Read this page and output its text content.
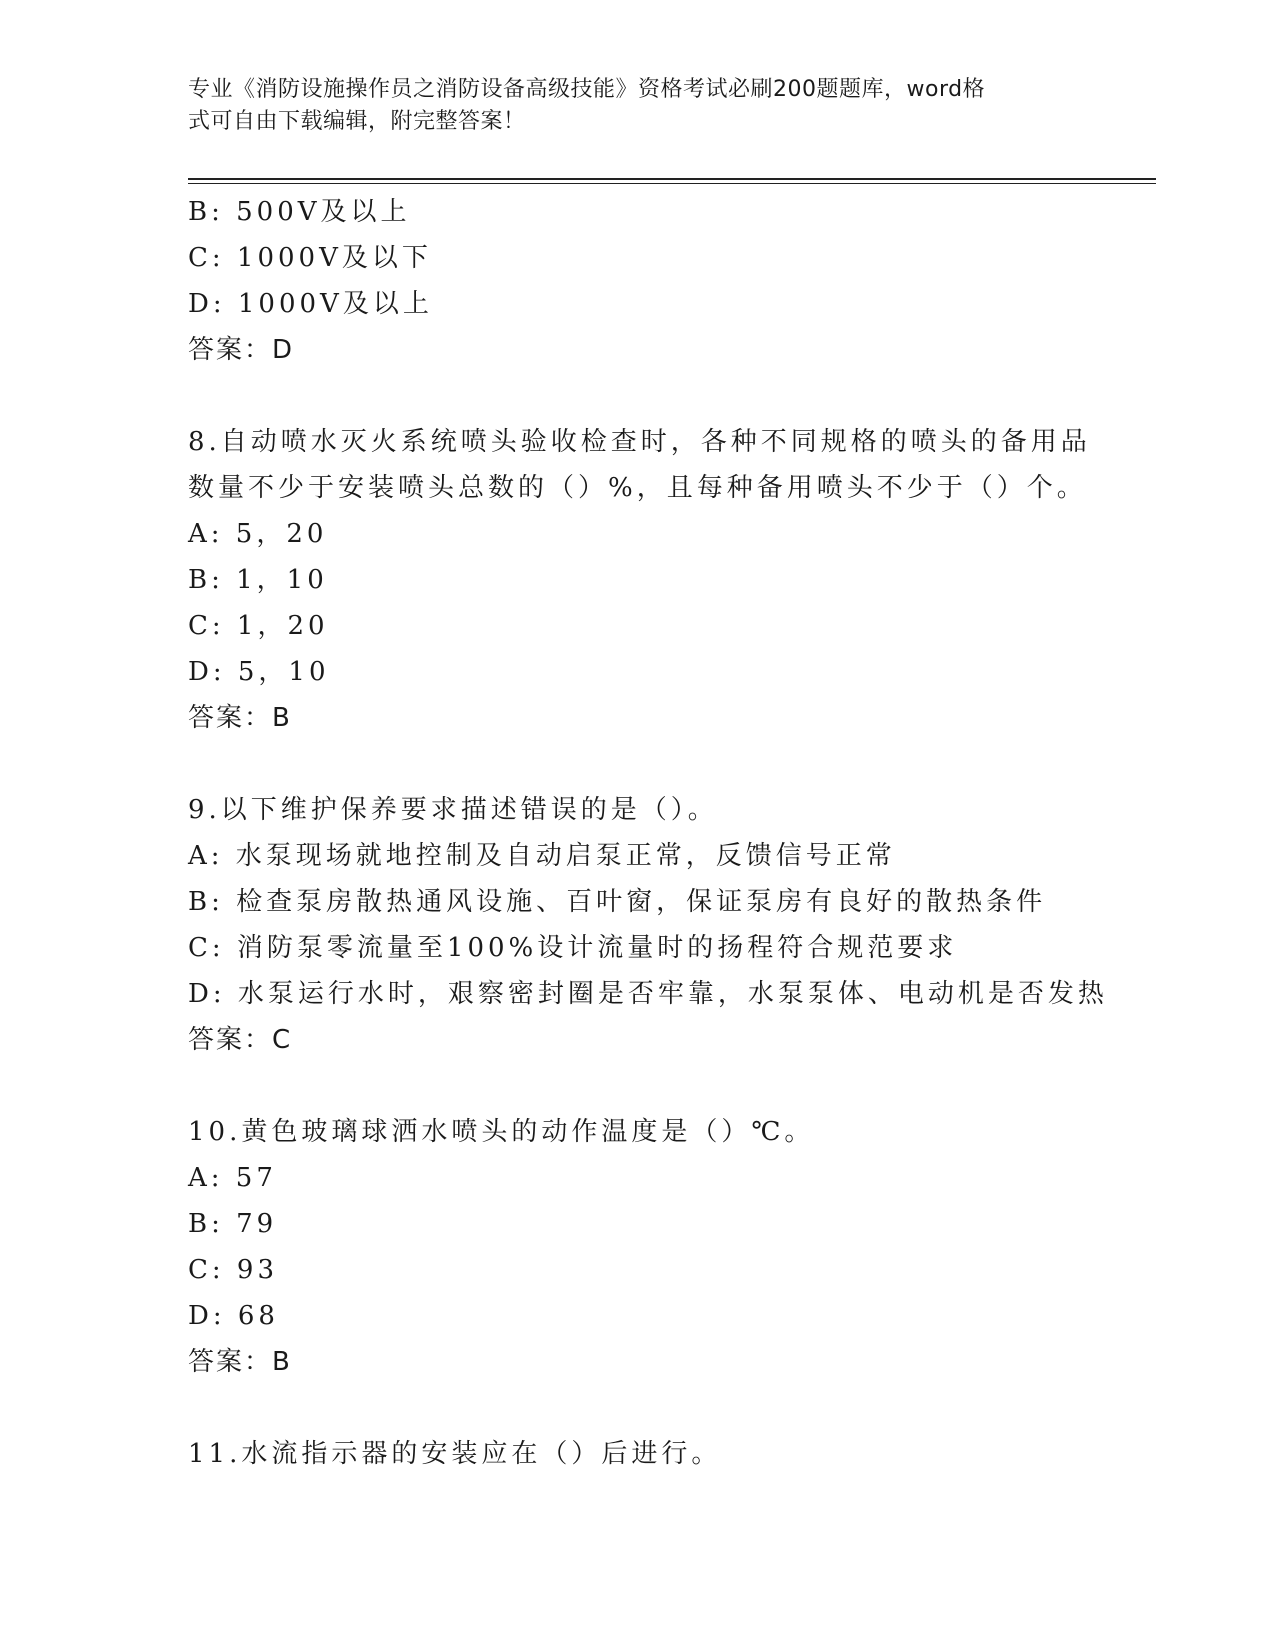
专业《消防设施操作员之消防设备高级技能》资格考试必刷200题题库，word格
式可自由下载编辑，附完整答案！
B: 500V及以上
C: 1000V及以下
D: 1000V及以上
答案：D
8.自动喷水灭火系统喷头验收检查时，各种不同规格的喷头的备用品
数量不少于安装喷头总数的（）%，且每种备用喷头不少于（）个。
A: 5，20
B: 1，10
C: 1，20
D: 5，10
答案：B
9.以下维护保养要求描述错误的是（）。
A: 水泵现场就地控制及自动启泵正常，反馈信号正常
B: 检查泵房散热通风设施、百叶窗，保证泵房有良好的散热条件
C: 消防泵零流量至100%设计流量时的扬程符合规范要求
D: 水泵运行水时，艰察密封圈是否牢靠，水泵泵体、电动机是否发热
答案：C
10.黄色玻璃球洒水喷头的动作温度是（）℃。
A: 57
B: 79
C: 93
D: 68
答案：B
11.水流指示器的安装应在（）后进行。
